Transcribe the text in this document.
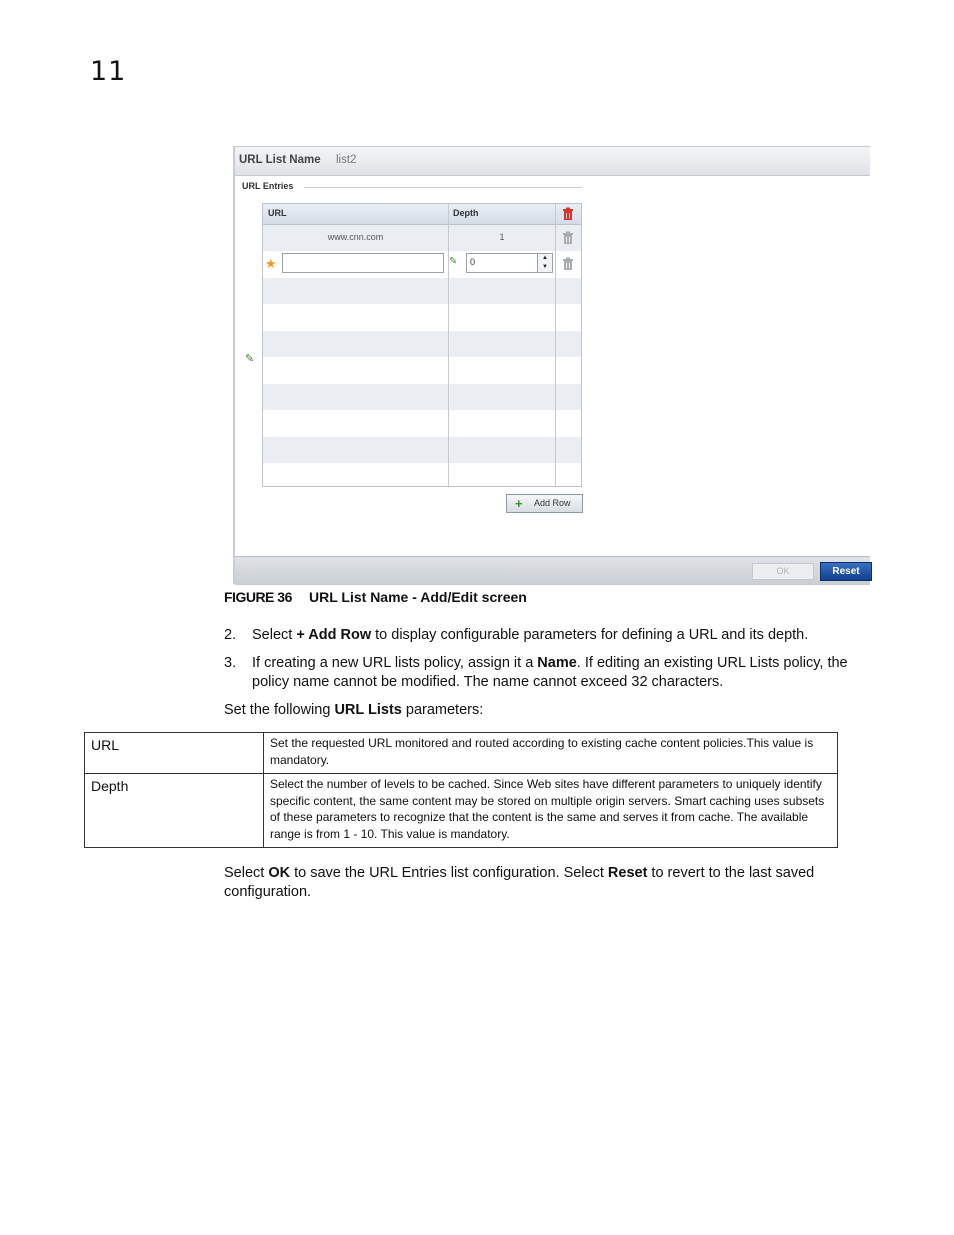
11
URL List Name list2
URL Entries
✎
URL	Depth
www.cnn.com	1
★	✎	0	▲
▼
+ Add Row
OK	Reset
FIGURE 36 URL List Name - Add/Edit screen
2. Select + Add Row to display configurable parameters for defining a URL and its depth.
3. If creating a new URL lists policy, assign it a Name. If editing an existing URL Lists policy, the policy name cannot be modified. The name cannot exceed 32 characters.
Set the following URL Lists parameters:
URL	Set the requested URL monitored and routed according to existing cache content policies.This value is mandatory.
Depth	Select the number of levels to be cached. Since Web sites have different parameters to uniquely identify specific content, the same content may be stored on multiple origin servers. Smart caching uses subsets of these parameters to recognize that the content is the same and serves it from cache. The available range is from 1 - 10. This value is mandatory.
Select OK to save the URL Entries list configuration. Select Reset to revert to the last saved configuration.
